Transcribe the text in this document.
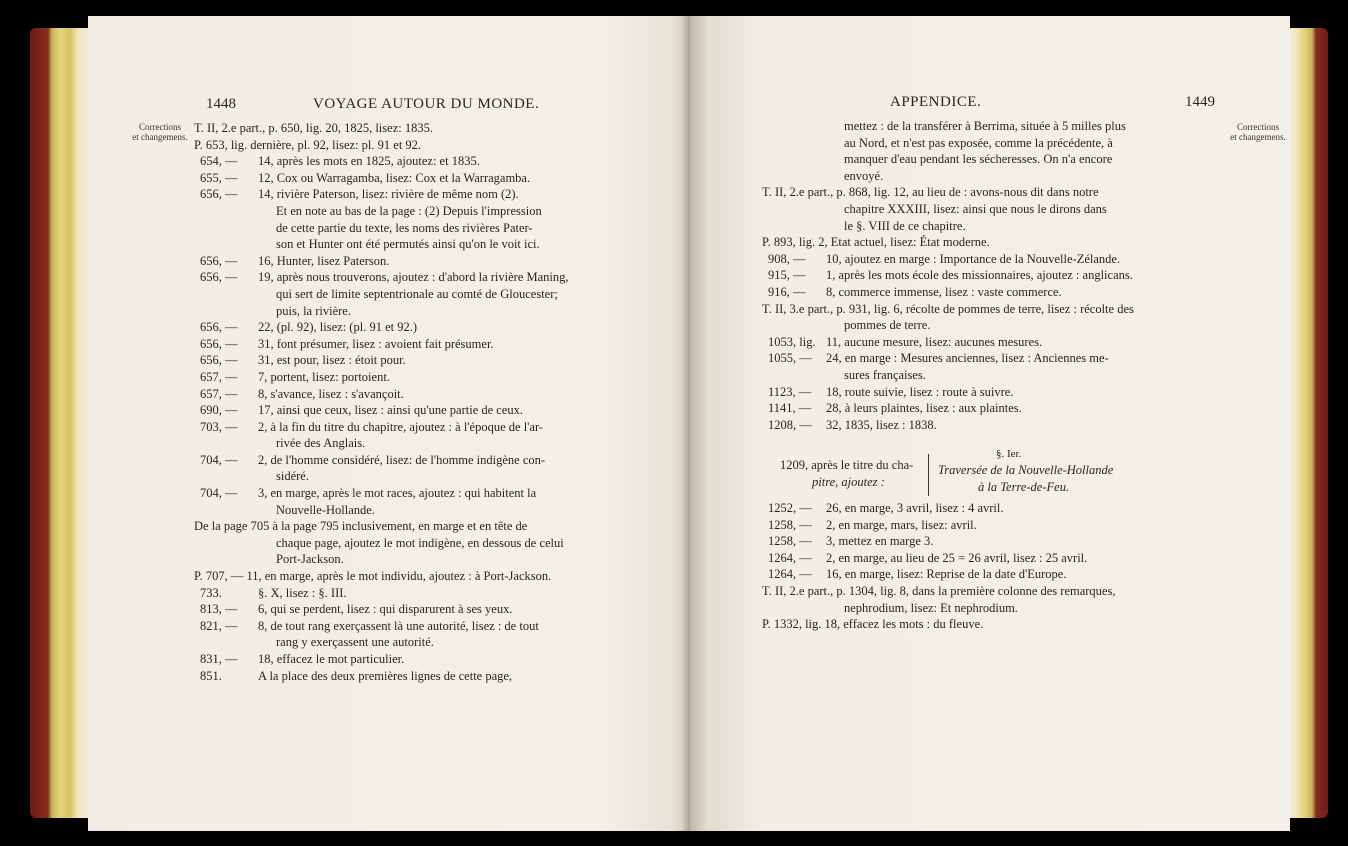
1448	VOYAGE AUTOUR DU MONDE.
Corrections
et changemens.
T. II, 2.e part., p. 650, lig. 20, 1825, lisez: 1835.
P. 653, lig. dernière, pl. 92, lisez: pl. 91 et 92.
654, — 14, après les mots en 1825, ajoutez: et 1835.
655, — 12, Cox ou Warragamba, lisez: Cox et la Warragamba.
656, — 14, rivière Paterson, lisez: rivière de même nom (2).
Et en note au bas de la page : (2) Depuis l'impression
de cette partie du texte, les noms des rivières Pater-
son et Hunter ont été permutés ainsi qu'on le voit ici.
656, — 16, Hunter, lisez Paterson.
656, — 19, après nous trouverons, ajoutez : d'abord la rivière Maning,
qui sert de limite septentrionale au comté de Gloucester;
puis, la rivière.
656, — 22, (pl. 92), lisez: (pl. 91 et 92.)
656, — 31, font présumer, lisez : avoient fait présumer.
656, — 31, est pour, lisez : étoit pour.
657, — 7, portent, lisez: portoient.
657, — 8, s'avance, lisez : s'avançoit.
690, — 17, ainsi que ceux, lisez : ainsi qu'une partie de ceux.
703, — 2, à la fin du titre du chapitre, ajoutez : à l'époque de l'ar-
rivée des Anglais.
704, — 2, de l'homme considéré, lisez: de l'homme indigène con-
sidéré.
704, — 3, en marge, après le mot races, ajoutez : qui habitent la
Nouvelle-Hollande.
De la page 705 à la page 795 inclusivement, en marge et en tête de
chaque page, ajoutez le mot indigène, en dessous de celui
Port-Jackson.
P. 707, — 11, en marge, après le mot individu, ajoutez : à Port-Jackson.
733.	§. X, lisez : §. III.
813, — 6, qui se perdent, lisez : qui disparurent à ses yeux.
821, — 8, de tout rang exerçassent là une autorité, lisez : de tout
rang y exerçassent une autorité.
831, — 18, effacez le mot particulier.
851.	A la place des deux premières lignes de cette page,
APPENDICE.	1449
Corrections
et changemens.
mettez : de la transférer à Berrima, située à 5 milles plus
au Nord, et n'est pas exposée, comme la précédente, à
manquer d'eau pendant les sécheresses. On n'a encore
envoyé.
T. II, 2.e part., p. 868, lig. 12, au lieu de : avons-nous dit dans notre
chapitre XXXIII, lisez: ainsi que nous le dirons dans
le §. VIII de ce chapitre.
P. 893, lig. 2, Etat actuel, lisez: État moderne.
908, — 10, ajoutez en marge : Importance de la Nouvelle-Zélande.
915, — 1, après les mots école des missionnaires, ajoutez : anglicans.
916, — 8, commerce immense, lisez : vaste commerce.
T. II, 3.e part., p. 931, lig. 6, récolte de pommes de terre, lisez : récolte des
pommes de terre.
1053, lig. 11, aucune mesure, lisez: aucunes mesures.
1055, — 24, en marge : Mesures anciennes, lisez : Anciennes me-
sures françaises.
1123, — 18, route suivie, lisez : route à suivre.
1141, — 28, à leurs plaintes, lisez : aux plaintes.
1208, — 32, 1835, lisez : 1838.
1209, après le titre du cha-
pitre, ajoutez :
§. Ier.
Traversée de la Nouvelle-Hollande
à la Terre-de-Feu.
1252, — 26, en marge, 3 avril, lisez : 4 avril.
1258, — 2, en marge, mars, lisez: avril.
1258, — 3, mettez en marge 3.
1264, — 2, en marge, au lieu de 25 = 26 avril, lisez : 25 avril.
1264, — 16, en marge, lisez: Reprise de la date d'Europe.
T. II, 2.e part., p. 1304, lig. 8, dans la première colonne des remarques,
nephrodium, lisez: Et nephrodium.
P. 1332, lig. 18, effacez les mots : du fleuve.
